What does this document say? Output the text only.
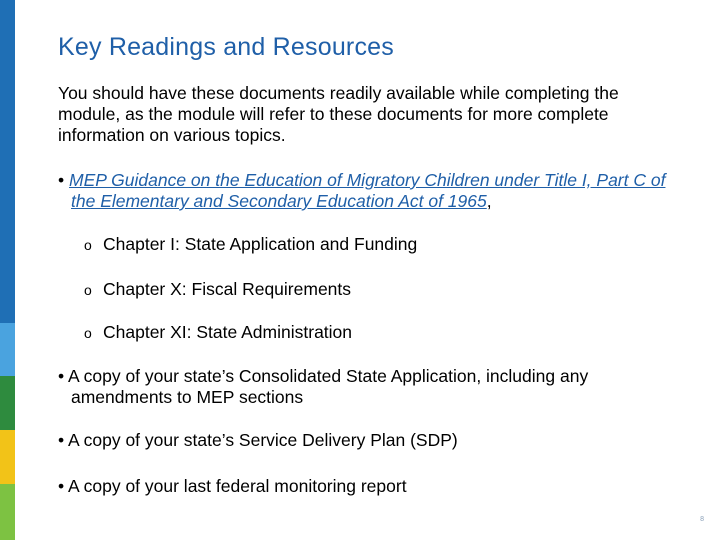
Key Readings and Resources

You should have these documents readily available while completing the module, as the module will refer to these documents for more complete information on various topics.

• MEP Guidance on the Education of Migratory Children under Title I, Part C of the Elementary and Secondary Education Act of 1965,

o Chapter I: State Application and Funding
o Chapter X: Fiscal Requirements
o Chapter XI: State Administration

• A copy of your state’s Consolidated State Application, including any amendments to MEP sections

• A copy of your state’s Service Delivery Plan (SDP)

• A copy of your last federal monitoring report

8
